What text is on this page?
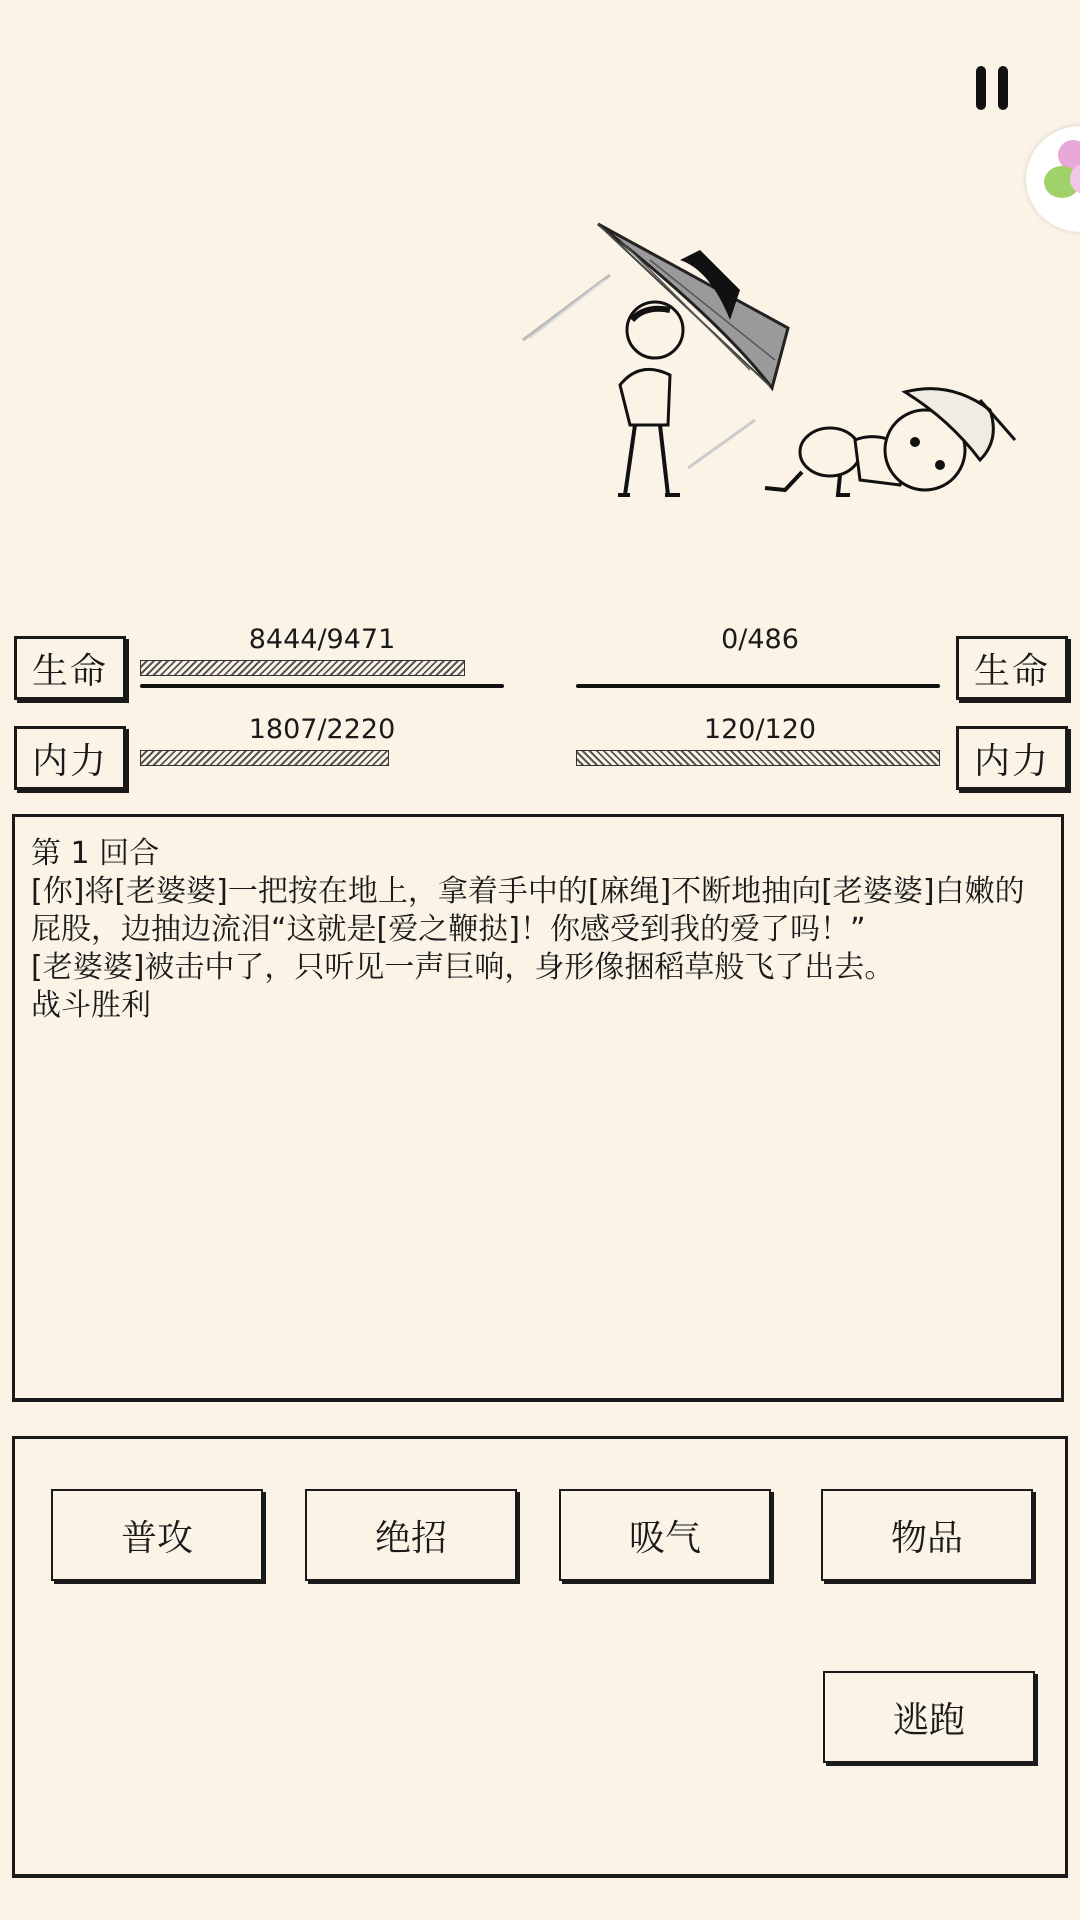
生命
8444/9471
生命
0/486
内力
1807/2220
内力
120/120

第 1 回合

[你]将[老婆婆]一把按在地上，拿着手中的[麻绳]不断地抽向[老婆婆]白嫩的屁股，边抽边流泪“这就是[爱之鞭挞]！你感受到我的爱了吗！”

[老婆婆]被击中了，只听见一声巨响，身形像捆稻草般飞了出去。

战斗胜利

普攻	绝招	吸气	物品
逃跑
